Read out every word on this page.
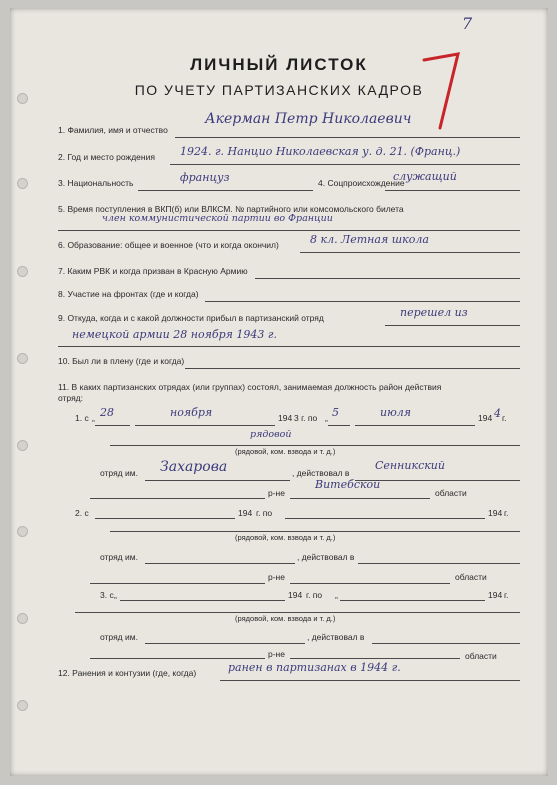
7
ЛИЧНЫЙ ЛИСТОК
ПО УЧЕТУ ПАРТИЗАНСКИХ КАДРОВ
1. Фамилия, имя и отчество
Акерман Петр Николаевич
2. Год и место рождения 1924. г. Нанцио Николаевская у. д. 21. (Франц.)
3. Национальность	француз	4. Соцпроисхождение
служащий
5. Время поступления в ВКП(б) или ВЛКСМ. № партийного или комсомольского билета
член коммунистической партии во Франции
6. Образование: общее и военное (что и когда окончил)	8 кл. Летная школа
7. Каким РВК и когда призван в Красную Армию
8. Участие на фронтах (где и когда)
9. Откуда, когда и с какой должности прибыл в партизанский отряд	перешел из
немецкой армии 28 ноября 1943 г.
10. Был ли в плену (где и когда)
11. В каких партизанских отрядах (или группах) состоял, занимаемая должность район действия
отряд:
1. с „ 28	ноября	194 3 г. по „ 5	июля	194 4 г.
рядовой
(рядовой, ком. взвода и т. д.)
отряд им. Захарова	, действовал в
Сенникский
р-не
Витебской
области
2. с	194 г. по	194 г.
(рядовой, ком. взвода и т. д.)
отряд им.	, действовал в
р-не	области
3. с „	194 г. по „	194 г.
(рядовой, ком. взвода и т. д.)
отряд им.	, действовал в
р-не	области
12. Ранения и контузии (где, когда)	ранен в партизанах в 1944 г.
